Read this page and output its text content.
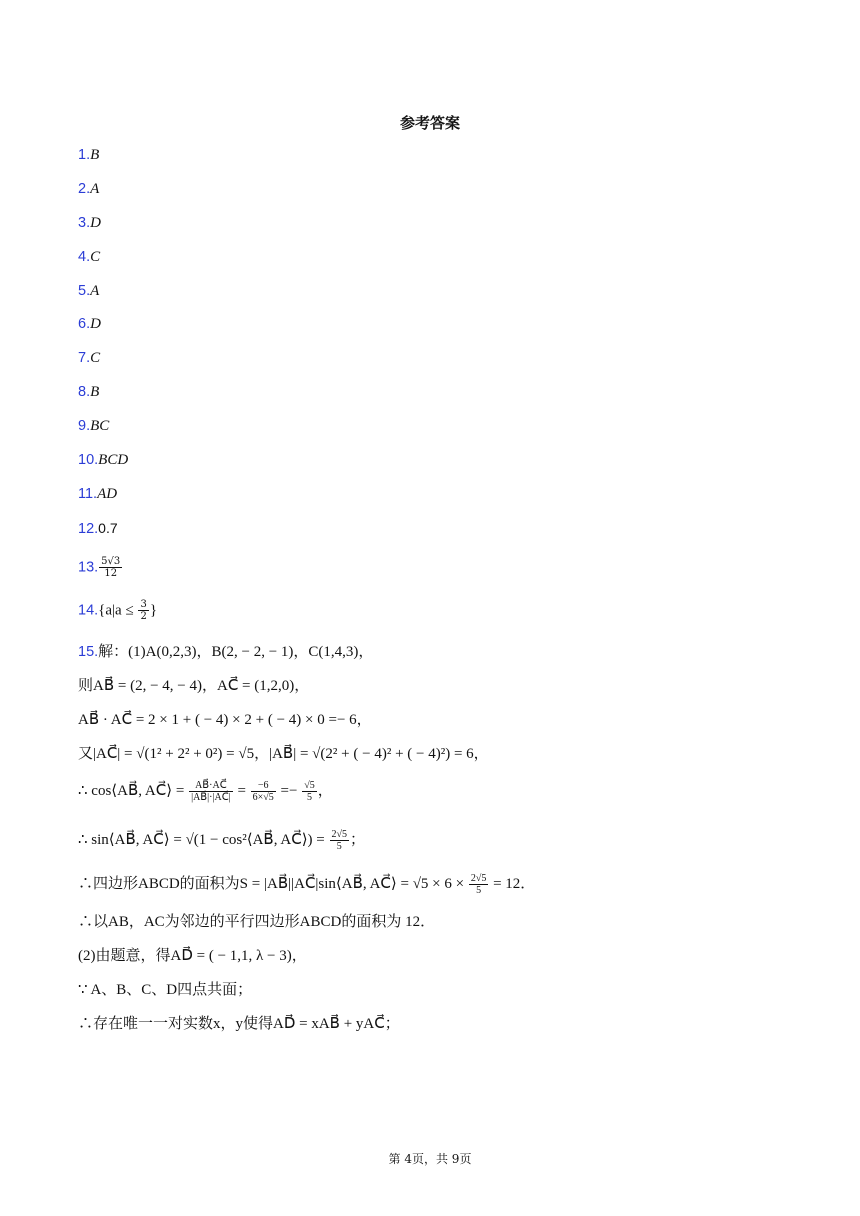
参考答案
1.B
2.A
3.D
4.C
5.A
6.D
7.C
8.B
9.BC
10.BCD
11.AD
12.0.7
13. $\frac{5√3}{12}$
$14.\{a|a \le \frac{3}{2}$ }
15.解：(1)A(0,2,3)，B(2, − 2, − 1)，C(1,4,3)，
则AB⃗ = (2, − 4, − 4)，AC⃗ = (1,2,0)，
AB⃗ · AC⃗ = 2 × 1 + ( − 4) × 2 + ( − 4) × 0 =− 6，
又|AC⃗| = √(1² + 2² + 0²) = √5，|AB⃗| = √(2² + ( − 4)² + ( − 4)²) = 6，
∴ cos⟨AB⃗, AC⃗⟩ = $\frac{AB⃗\cdot AC⃗}{|AB⃗|\cdot|AC⃗|} = \frac{-6}{6\times√5} =- \frac{√5}{5}$ ，
∴ sin⟨AB⃗, AC⃗⟩ = √(1 − cos²⟨AB⃗, AC⃗⟩) = $\frac{2√5}{5}$ ；
∴四边形ABCD的面积为S = |AB⃗||AC⃗|sin⟨AB⃗, AC⃗⟩ = $√5 \times 6 \times \frac{2√5}{5} = 12$．
∴以AB，AC为邻边的平行四边形ABCD的面积为 12．
(2)由题意，得AD⃗ = ( − 1,1, λ − 3)，
∵ A、B、C、D四点共面；
∴存在唯一一对实数x，y使得AD⃗ = xAB⃗ + yAC⃗；
第 4页，共 9页
